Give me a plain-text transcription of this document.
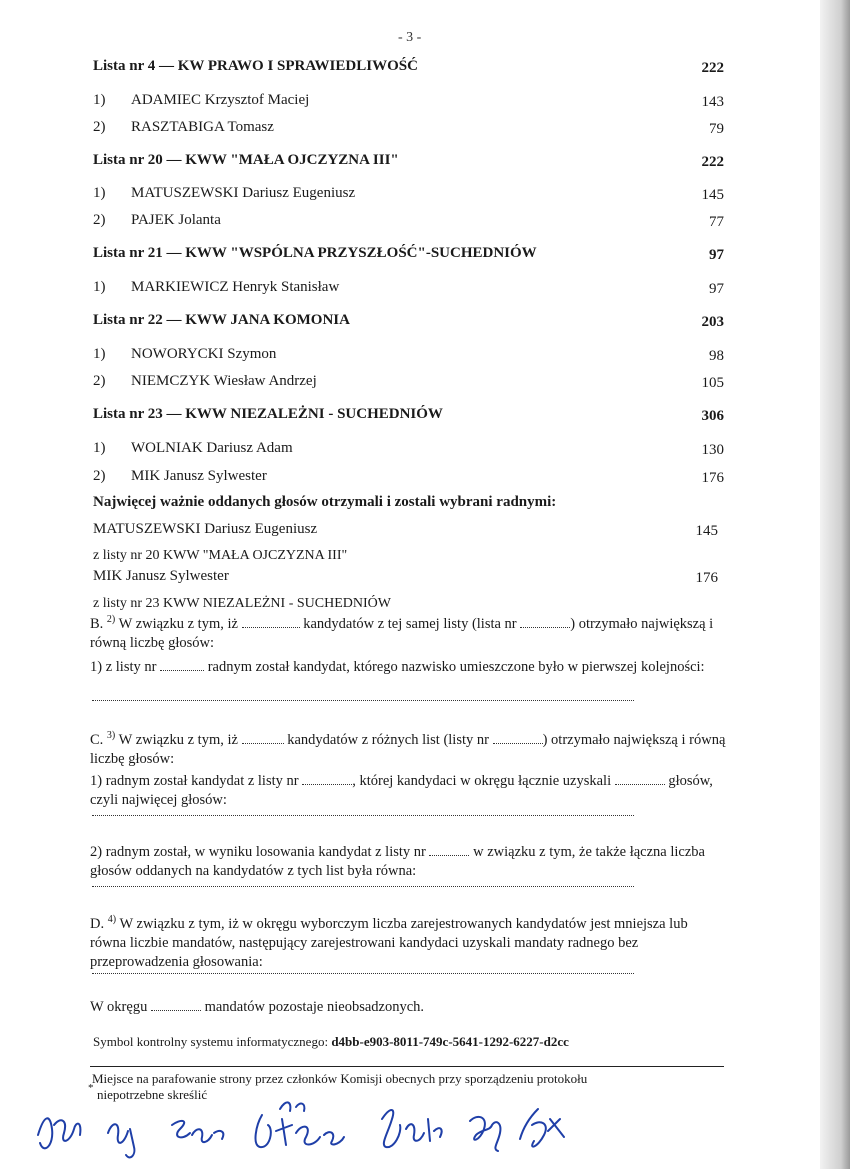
- 3 -
Lista nr 4 — KW PRAWO I SPRAWIEDLIWOŚĆ	222
1) ADAMIEC Krzysztof Maciej	143
2) RASZTABIGA Tomasz	79
Lista nr 20 — KWW "MAŁA OJCZYZNA III"	222
1) MATUSZEWSKI Dariusz Eugeniusz	145
2) PAJEK Jolanta	77
Lista nr 21 — KWW "WSPÓLNA PRZYSZŁOŚĆ"-SUCHEDNIÓW	97
1) MARKIEWICZ Henryk Stanisław	97
Lista nr 22 — KWW JANA KOMONIA	203
1) NOWORYCKI Szymon	98
2) NIEMCZYK Wiesław Andrzej	105
Lista nr 23 — KWW NIEZALEŻNI - SUCHEDNIÓW	306
1) WOLNIAK Dariusz Adam	130
2) MIK Janusz Sylwester	176
Najwięcej ważnie oddanych głosów otrzymali i zostali wybrani radnymi:
MATUSZEWSKI Dariusz Eugeniusz	145
z listy nr 20 KWW "MAŁA OJCZYZNA III"
MIK Janusz Sylwester	176
z listy nr 23 KWW NIEZALEŻNI - SUCHEDNIÓW
B. $^{2)}$ W związku z tym, iż	kandydatów z tej samej listy (lista nr	) otrzymało największą i równą liczbę głosów:
1) z listy nr	radnym został kandydat, którego nazwisko umieszczone było w pierwszej kolejności:
C. $^{3)}$ W związku z tym, iż	kandydatów z różnych list (listy nr	) otrzymało największą i równą liczbę głosów:
1) radnym został kandydat z listy nr	, której kandydaci w okręgu łącznie uzyskali	głosów, czyli najwięcej głosów:
2) radnym został, w wyniku losowania kandydat z listy nr	w związku z tym, że także łączna liczba głosów oddanych na kandydatów z tych list była równa:
D. $^{4)}$ W związku z tym, iż w okręgu wyborczym liczba zarejestrowanych kandydatów jest mniejsza lub równa liczbie mandatów, następujący zarejestrowani kandydaci uzyskali mandaty radnego bez przeprowadzenia głosowania:
W okręgu	mandatów pozostaje nieobsadzonych.
Symbol kontrolny systemu informatycznego: d4bb-e903-8011-749c-5641-1292-6227-d2cc
Miejsce na parafowanie strony przez członków Komisji obecnych przy sporządzeniu protokołu
* niepotrzebne skreślić
